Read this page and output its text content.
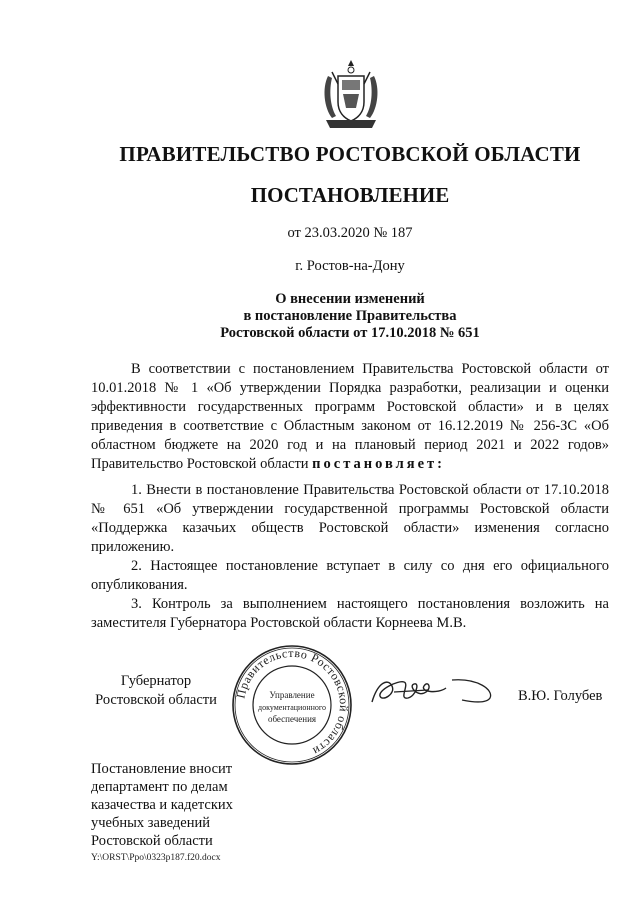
ПРАВИТЕЛЬСТВО РОСТОВСКОЙ ОБЛАСТИ
ПОСТАНОВЛЕНИЕ
от 23.03.2020 № 187
г. Ростов-на-Дону
О внесении изменений
в постановление Правительства
Ростовской области от 17.10.2018 № 651

В соответствии с постановлением Правительства Ростовской области от 10.01.2018 № 1 «Об утверждении Порядка разработки, реализации и оценки эффективности государственных программ Ростовской области» и в целях приведения в соответствие с Областным законом от 16.12.2019 № 256-ЗС «Об областном бюджете на 2020 год и на плановый период 2021 и 2022 годов» Правительство Ростовской области постановляет:

1. Внести в постановление Правительства Ростовской области от 17.10.2018 № 651 «Об утверждении государственной программы Ростовской области «Поддержка казачьих обществ Ростовской области» изменения согласно приложению.

2. Настоящее постановление вступает в силу со дня его официального опубликования.

3. Контроль за выполнением настоящего постановления возложить на заместителя Губернатора Ростовской области Корнеева М.В.

Губернатор
Ростовской области	Правительство Ростовской области
Управление
документационного
обеспечения
В.Ю. Голубев
Постановление вносит
департамент по делам
казачества и кадетских
учебных заведений
Ростовской области
Y:\ORST\Ppo\0323p187.f20.docx
